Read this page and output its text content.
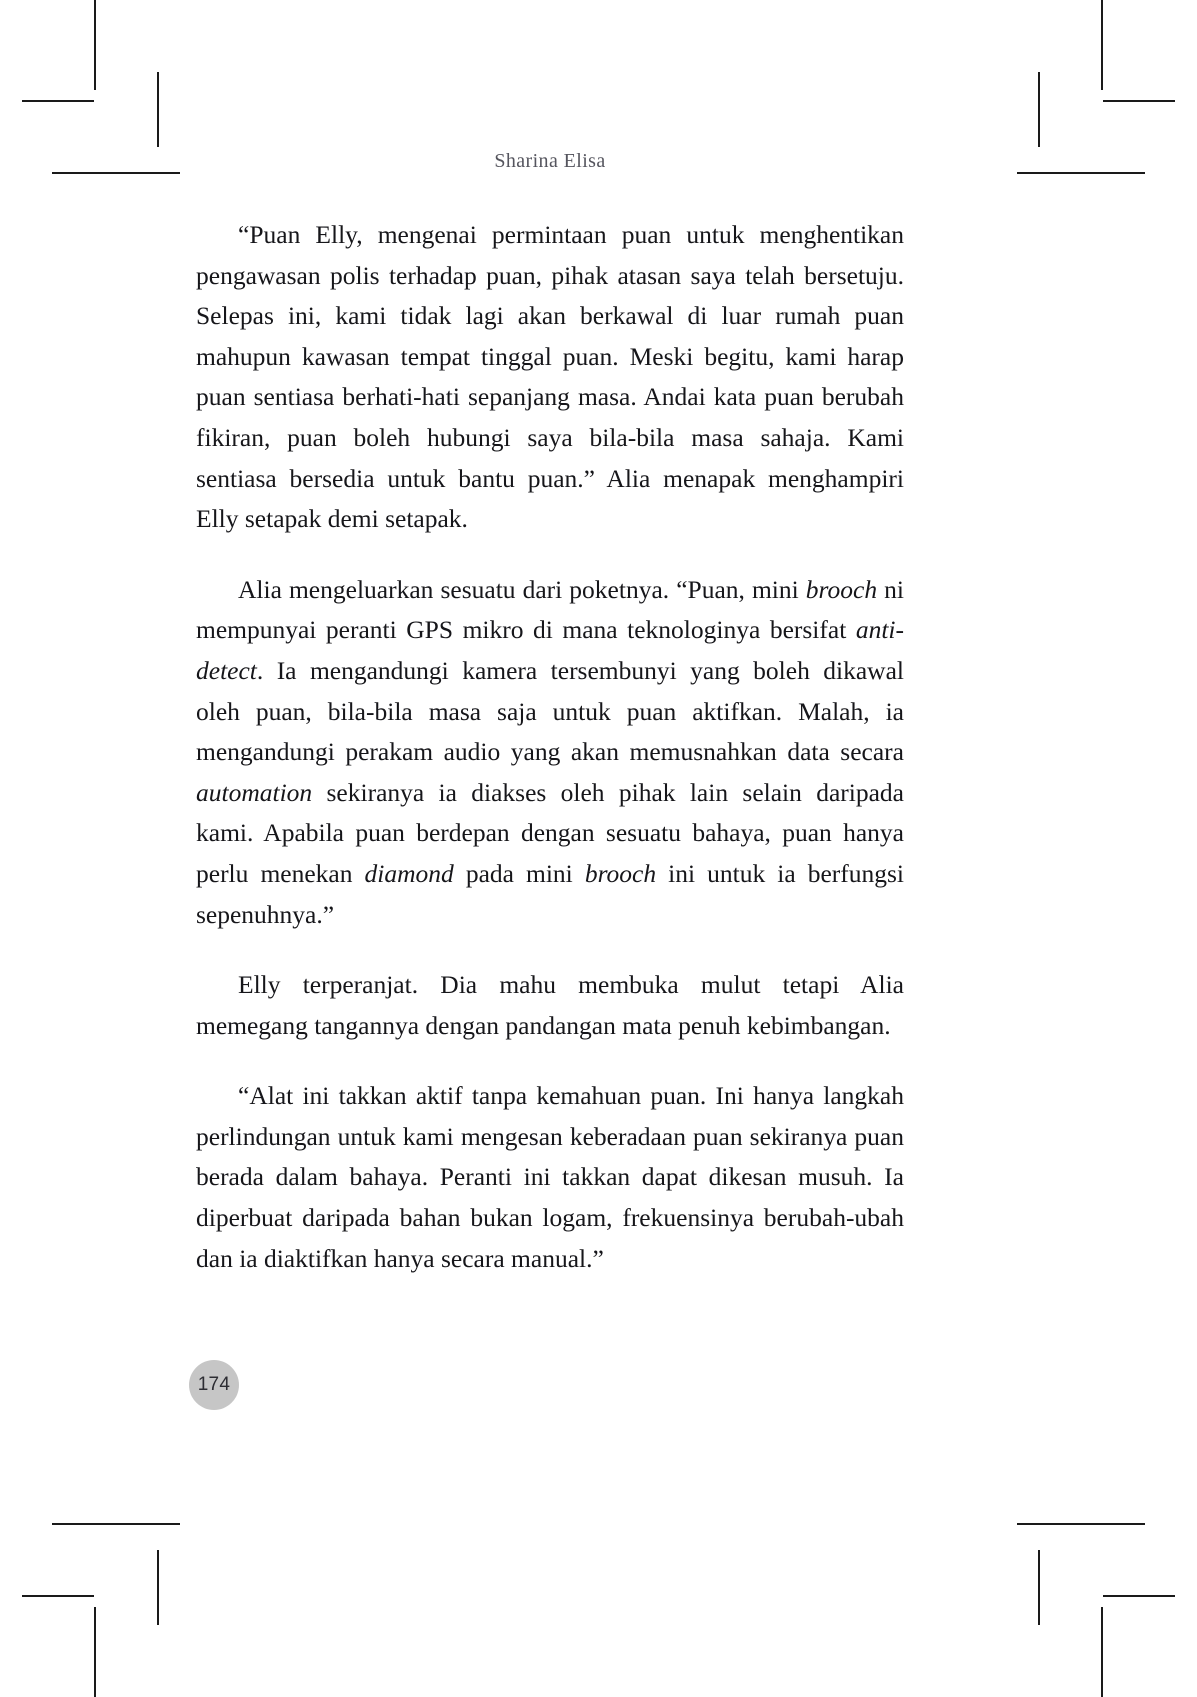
Sharina Elisa

“Puan Elly, mengenai permintaan puan untuk menghentikan pengawasan polis terhadap puan, pihak atasan saya telah bersetuju. Selepas ini, kami tidak lagi akan berkawal di luar rumah puan mahupun kawasan tempat tinggal puan. Meski begitu, kami harap puan sentiasa berhati-hati sepanjang masa. Andai kata puan berubah fikiran, puan boleh hubungi saya bila-bila masa sahaja. Kami sentiasa bersedia untuk bantu puan.” Alia menapak menghampiri Elly setapak demi setapak.

Alia mengeluarkan sesuatu dari poketnya. “Puan, mini brooch ni mempunyai peranti GPS mikro di mana teknologinya bersifat anti-detect. Ia mengandungi kamera tersembunyi yang boleh dikawal oleh puan, bila-bila masa saja untuk puan aktifkan. Malah, ia mengandungi perakam audio yang akan memusnahkan data secara automation sekiranya ia diakses oleh pihak lain selain daripada kami. Apabila puan berdepan dengan sesuatu bahaya, puan hanya perlu menekan diamond pada mini brooch ini untuk ia berfungsi sepenuhnya.”

Elly terperanjat. Dia mahu membuka mulut tetapi Alia memegang tangannya dengan pandangan mata penuh kebimbangan.

“Alat ini takkan aktif tanpa kemahuan puan. Ini hanya langkah perlindungan untuk kami mengesan keberadaan puan sekiranya puan berada dalam bahaya. Peranti ini takkan dapat dikesan musuh. Ia diperbuat daripada bahan bukan logam, frekuensinya berubah-ubah dan ia diaktifkan hanya secara manual.”

174
